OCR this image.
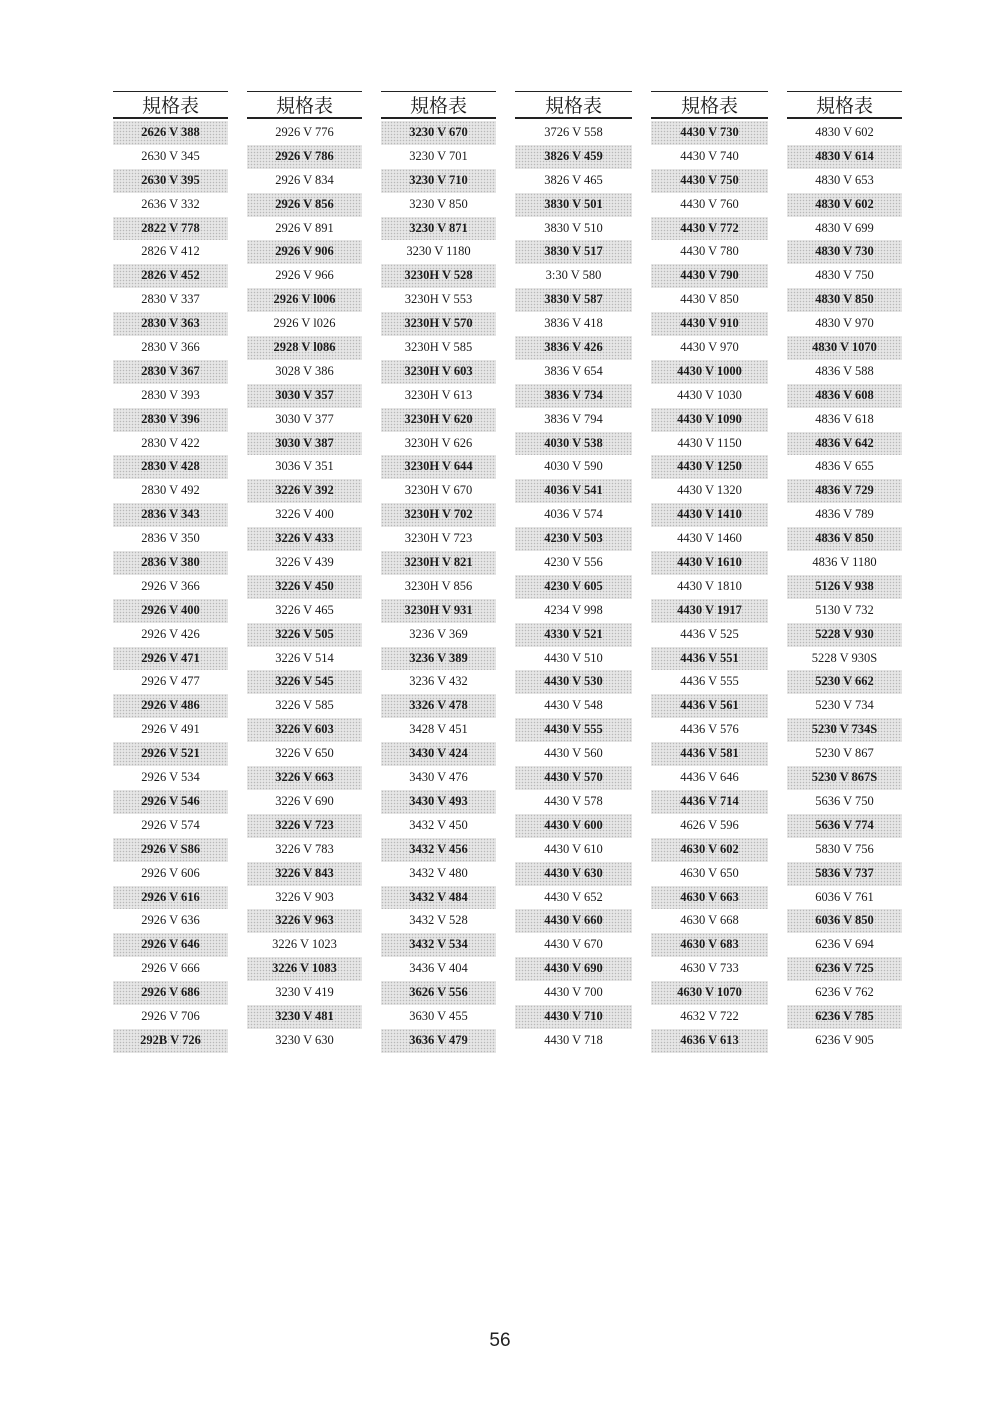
規格表
2626 V 388
2630 V 345
2630 V 395
2636 V 332
2822 V 778
2826 V 412
2826 V 452
2830 V 337
2830 V 363
2830 V 366
2830 V 367
2830 V 393
2830 V 396
2830 V 422
2830 V 428
2830 V 492
2836 V 343
2836 V 350
2836 V 380
2926 V 366
2926 V 400
2926 V 426
2926 V 471
2926 V 477
2926 V 486
2926 V 491
2926 V 521
2926 V 534
2926 V 546
2926 V 574
2926 V S86
2926 V 606
2926 V 616
2926 V 636
2926 V 646
2926 V 666
2926 V 686
2926 V 706
292B V 726
規格表
2926 V 776
2926 V 786
2926 V 834
2926 V 856
2926 V 891
2926 V 906
2926 V 966
2926 V l006
2926 V l026
2928 V l086
3028 V 386
3030 V 357
3030 V 377
3030 V 387
3036 V 351
3226 V 392
3226 V 400
3226 V 433
3226 V 439
3226 V 450
3226 V 465
3226 V 505
3226 V 514
3226 V 545
3226 V 585
3226 V 603
3226 V 650
3226 V 663
3226 V 690
3226 V 723
3226 V 783
3226 V 843
3226 V 903
3226 V 963
3226 V 1023
3226 V 1083
3230 V 419
3230 V 481
3230 V 630
規格表
3230 V 670
3230 V 701
3230 V 710
3230 V 850
3230 V 871
3230 V 1180
3230H V 528
3230H V 553
3230H V 570
3230H V 585
3230H V 603
3230H V 613
3230H V 620
3230H V 626
3230H V 644
3230H V 670
3230H V 702
3230H V 723
3230H V 821
3230H V 856
3230H V 931
3236 V 369
3236 V 389
3236 V 432
3326 V 478
3428 V 451
3430 V 424
3430 V 476
3430 V 493
3432 V 450
3432 V 456
3432 V 480
3432 V 484
3432 V 528
3432 V 534
3436 V 404
3626 V 556
3630 V 455
3636 V 479
規格表
3726 V 558
3826 V 459
3826 V 465
3830 V 501
3830 V 510
3830 V 517
3:30 V 580
3830 V 587
3836 V 418
3836 V 426
3836 V 654
3836 V 734
3836 V 794
4030 V 538
4030 V 590
4036 V 541
4036 V 574
4230 V 503
4230 V 556
4230 V 605
4234 V 998
4330 V 521
4430 V 510
4430 V 530
4430 V 548
4430 V 555
4430 V 560
4430 V 570
4430 V 578
4430 V 600
4430 V 610
4430 V 630
4430 V 652
4430 V 660
4430 V 670
4430 V 690
4430 V 700
4430 V 710
4430 V 718
規格表
4430 V 730
4430 V 740
4430 V 750
4430 V 760
4430 V 772
4430 V 780
4430 V 790
4430 V 850
4430 V 910
4430 V 970
4430 V 1000
4430 V 1030
4430 V 1090
4430 V 1150
4430 V 1250
4430 V 1320
4430 V 1410
4430 V 1460
4430 V 1610
4430 V 1810
4430 V 1917
4436 V 525
4436 V 551
4436 V 555
4436 V 561
4436 V 576
4436 V 581
4436 V 646
4436 V 714
4626 V 596
4630 V 602
4630 V 650
4630 V 663
4630 V 668
4630 V 683
4630 V 733
4630 V 1070
4632 V 722
4636 V 613
規格表
4830 V 602
4830 V 614
4830 V 653
4830 V 602
4830 V 699
4830 V 730
4830 V 750
4830 V 850
4830 V 970
4830 V 1070
4836 V 588
4836 V 608
4836 V 618
4836 V 642
4836 V 655
4836 V 729
4836 V 789
4836 V 850
4836 V 1180
5126 V 938
5130 V 732
5228 V 930
5228 V 930S
5230 V 662
5230 V 734
5230 V 734S
5230 V 867
5230 V 867S
5636 V 750
5636 V 774
5830 V 756
5836 V 737
6036 V 761
6036 V 850
6236 V 694
6236 V 725
6236 V 762
6236 V 785
6236 V 905
56
